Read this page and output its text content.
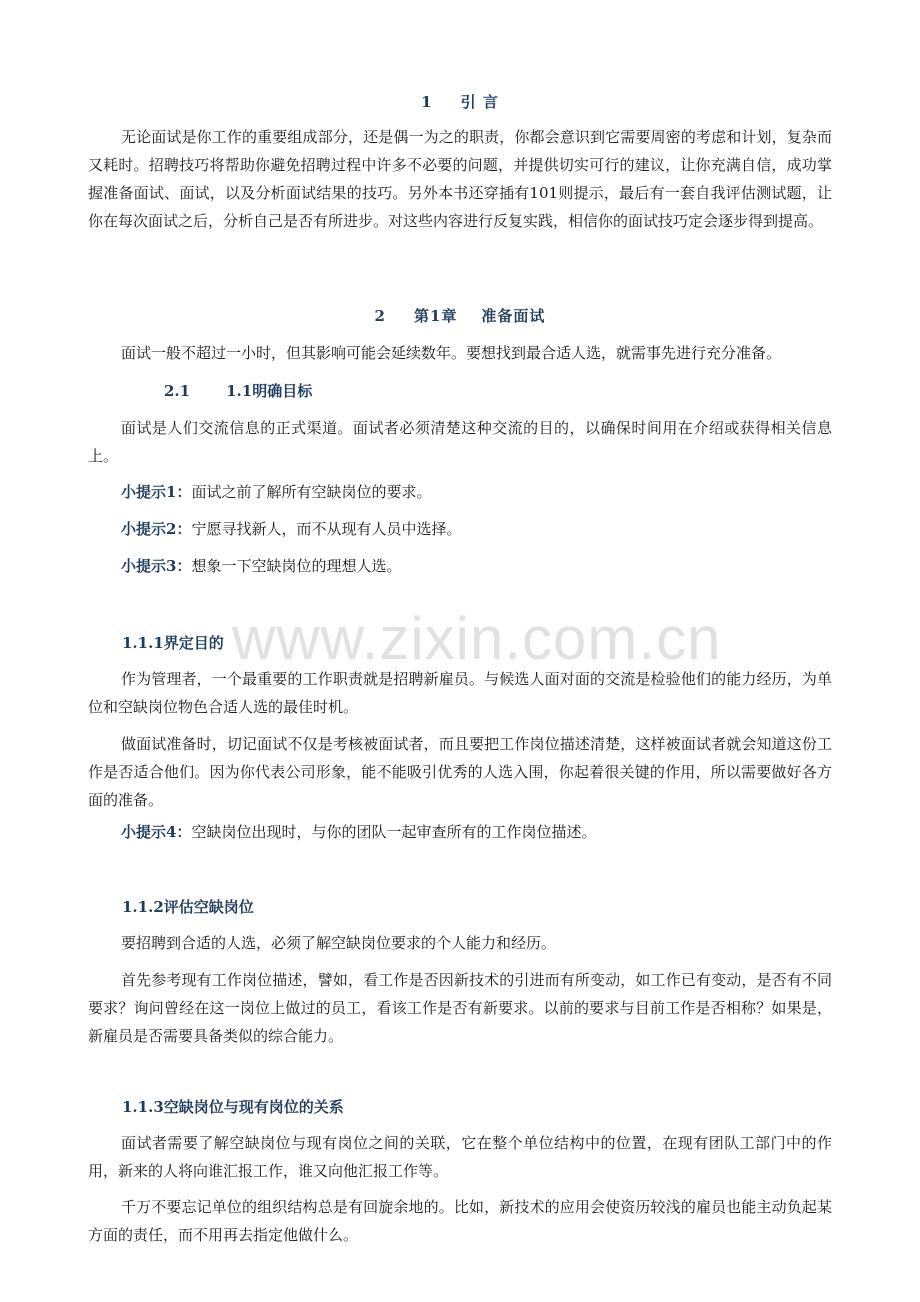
1 引 言
无论面试是你工作的重要组成部分，还是偶一为之的职责，你都会意识到它需要周密的考虑和计划，复杂而又耗时。招聘技巧将帮助你避免招聘过程中许多不必要的问题，并提供切实可行的建议，让你充满自信，成功掌握准备面试、面试，以及分析面试结果的技巧。另外本书还穿插有101则提示，最后有一套自我评估测试题，让你在每次面试之后，分析自己是否有所进步。对这些内容进行反复实践，相信你的面试技巧定会逐步得到提高。
2 第1章 准备面试
面试一般不超过一小时，但其影响可能会延续数年。要想找到最合适人选，就需事先进行充分准备。
2.1 1.1明确目标
面试是人们交流信息的正式渠道。面试者必须清楚这种交流的目的，以确保时间用在介绍或获得相关信息上。
小提示1：面试之前了解所有空缺岗位的要求。
小提示2：宁愿寻找新人，而不从现有人员中选择。
小提示3：想象一下空缺岗位的理想人选。
www.zixin.com.cn
1.1.1界定目的
作为管理者，一个最重要的工作职责就是招聘新雇员。与候选人面对面的交流是检验他们的能力经历，为单位和空缺岗位物色合适人选的最佳时机。
做面试准备时，切记面试不仅是考核被面试者，而且要把工作岗位描述清楚，这样被面试者就会知道这份工作是否适合他们。因为你代表公司形象，能不能吸引优秀的人选入围，你起着很关键的作用，所以需要做好各方面的准备。
小提示4：空缺岗位出现时，与你的团队一起审查所有的工作岗位描述。
1.1.2评估空缺岗位
要招聘到合适的人选，必须了解空缺岗位要求的个人能力和经历。
首先参考现有工作岗位描述，譬如，看工作是否因新技术的引进而有所变动，如工作已有变动，是否有不同要求？询问曾经在这一岗位上做过的员工，看该工作是否有新要求。以前的要求与目前工作是否相称？如果是，新雇员是否需要具备类似的综合能力。
1.1.3空缺岗位与现有岗位的关系
面试者需要了解空缺岗位与现有岗位之间的关联，它在整个单位结构中的位置，在现有团队工部门中的作用，新来的人将向谁汇报工作，谁又向他汇报工作等。
千万不要忘记单位的组织结构总是有回旋余地的。比如，新技术的应用会使资历较浅的雇员也能主动负起某方面的责任，而不用再去指定他做什么。
